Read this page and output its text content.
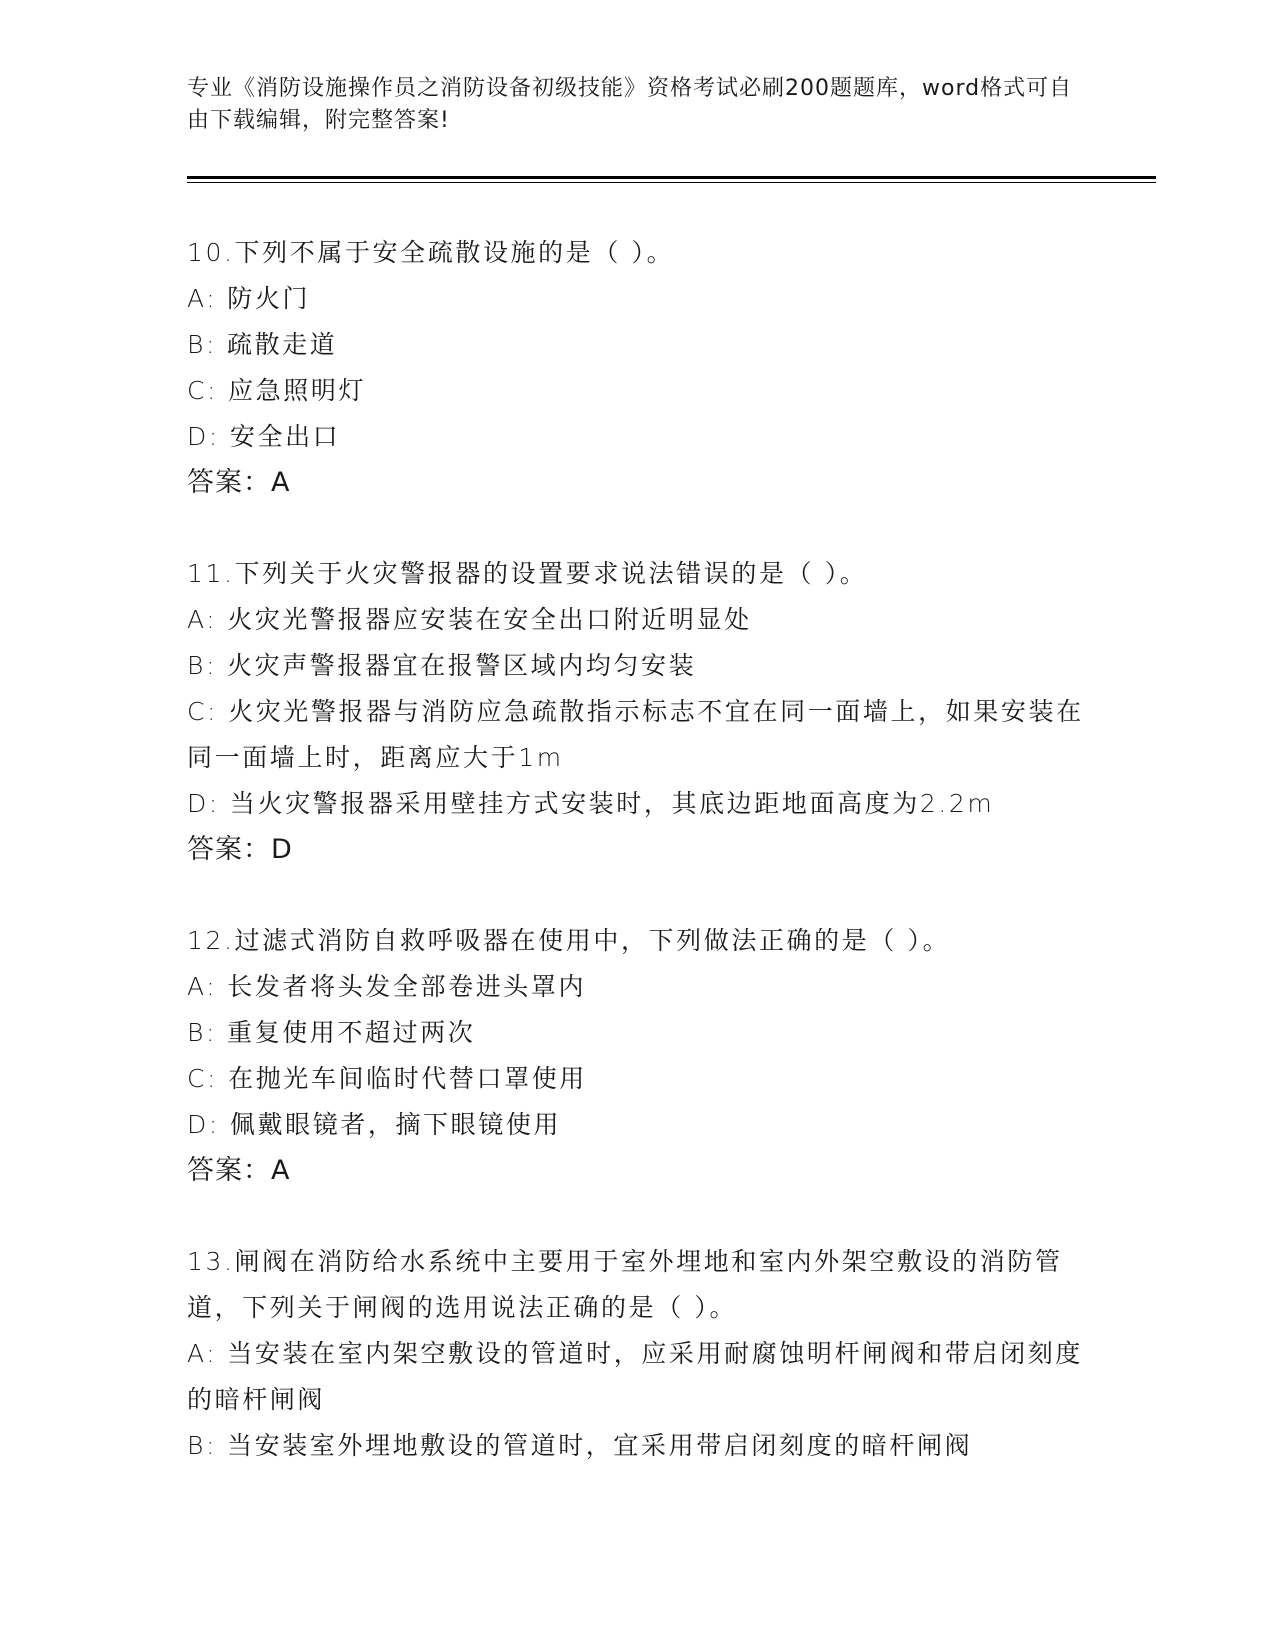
专业《消防设施操作员之消防设备初级技能》资格考试必刷200题题库，word格式可自由下载编辑，附完整答案!
10.下列不属于安全疏散设施的是（ ）。
A: 防火门
B: 疏散走道
C: 应急照明灯
D: 安全出口
答案：A
11.下列关于火灾警报器的设置要求说法错误的是（ ）。
A: 火灾光警报器应安装在安全出口附近明显处
B: 火灾声警报器宜在报警区域内均匀安装
C: 火灾光警报器与消防应急疏散指示标志不宜在同一面墙上，如果安装在同一面墙上时，距离应大于1m
D: 当火灾警报器采用壁挂方式安装时，其底边距地面高度为2.2m
答案：D
12.过滤式消防自救呼吸器在使用中，下列做法正确的是（ ）。
A: 长发者将头发全部卷进头罩内
B: 重复使用不超过两次
C: 在抛光车间临时代替口罩使用
D: 佩戴眼镜者，摘下眼镜使用
答案：A
13.闸阀在消防给水系统中主要用于室外埋地和室内外架空敷设的消防管道，下列关于闸阀的选用说法正确的是（ ）。
A: 当安装在室内架空敷设的管道时，应采用耐腐蚀明杆闸阀和带启闭刻度的暗杆闸阀
B: 当安装室外埋地敷设的管道时，宜采用带启闭刻度的暗杆闸阀
